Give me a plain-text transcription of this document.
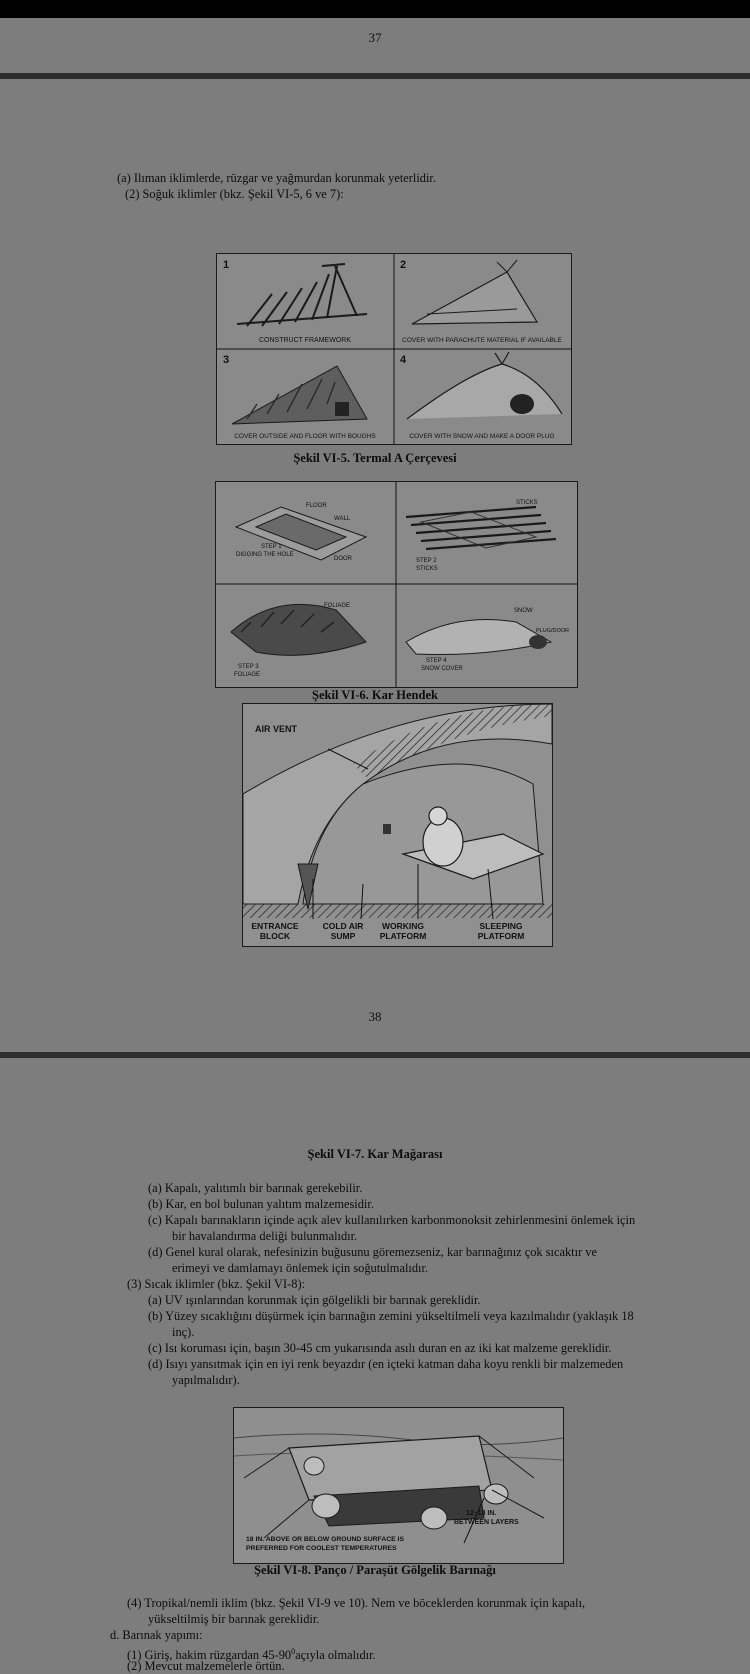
37
(a) Ilıman iklimlerde, rüzgar ve yağmurdan korunmak yeterlidir.
(2) Soğuk iklimler (bkz. Şekil VI-5, 6 ve 7):
1
CONSTRUCT FRAMEWORK
2
COVER WITH PARACHUTE MATERIAL IF AVAILABLE
3
COVER OUTSIDE AND FLOOR WITH BOUGHS
4
COVER WITH SNOW AND MAKE A DOOR PLUG
Şekil VI-5. Termal A Çerçevesi
FLOOR
WALL
DOOR
STEP 1
DIGGING THE HOLE
STICKS
STEP 2
STICKS
FOLIAGE
STEP 3
FOLIAGE
SNOW
PLUG/DOOR
STEP 4
SNOW COVER
Şekil VI-6. Kar Hendek
AIR VENT
ENTRANCE
BLOCK
COLD AIR
SUMP
WORKING
PLATFORM
SLEEPING
PLATFORM
38
Şekil VI-7. Kar Mağarası
(a) Kapalı, yalıtımlı bir barınak gerekebilir.
(b) Kar, en bol bulunan yalıtım malzemesidir.
(c) Kapalı barınakların içinde açık alev kullanılırken karbonmonoksit zehirlenmesini önlemek için
bir havalandırma deliği bulunmalıdır.
(d) Genel kural olarak, nefesinizin buğusunu göremezseniz, kar barınağınız çok sıcaktır ve
erimeyi ve damlamayı önlemek için soğutulmalıdır.
(3) Sıcak iklimler (bkz. Şekil VI-8):
(a) UV ışınlarından korunmak için gölgelikli bir barınak gereklidir.
(b) Yüzey sıcaklığını düşürmek için barınağın zemini yükseltilmeli veya kazılmalıdır (yaklaşık 18
inç).
(c) Isı koruması için, başın 30-45 cm yukarısında asılı duran en az iki kat malzeme gereklidir.
(d) Isıyı yansıtmak için en iyi renk beyazdır (en içteki katman daha koyu renkli bir malzemeden
yapılmalıdır).
12–18 IN.
BETWEEN LAYERS
18 IN. ABOVE OR BELOW GROUND SURFACE IS
PREFERRED FOR COOLEST TEMPERATURES
Şekil VI-8. Panço / Paraşüt Gölgelik Barınağı
(4) Tropikal/nemli iklim (bkz. Şekil VI-9 ve 10). Nem ve böceklerden korunmak için kapalı,
yükseltilmiş bir barınak gereklidir.
d. Barınak yapımı:
(1) Giriş, hakim rüzgardan $45-90^0açıyla$ olmalıdır.
(2) Mevcut malzemelerle örtün.
